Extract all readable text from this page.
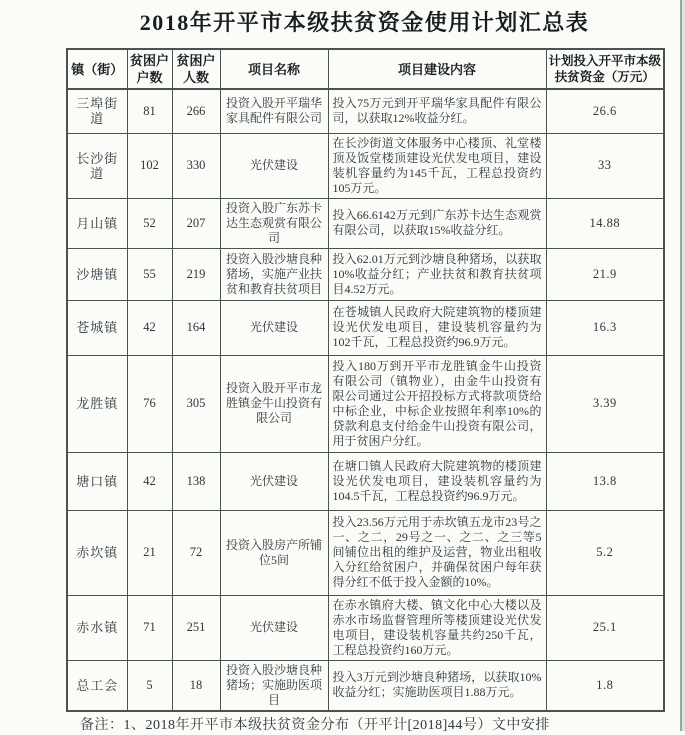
2018年开平市本级扶贫资金使用计划汇总表
镇（街）	贫困户户数	贫困户人数	项目名称	项目建设内容	计划投入开平市本级扶贫资金（万元）
三埠街道	81	266	投资入股开平瑞华家具配件有限公司	投入75万元到开平瑞华家具配件有限公司，以获取12%收益分红。	26.6
长沙街道	102	330	光伏建设	在长沙街道文体服务中心楼顶、礼堂楼顶及饭堂楼顶建设光伏发电项目，建设装机容量约为145千瓦，工程总投资约105万元。	33
月山镇	52	207	投资入股广东苏卡达生态观赏有限公司	投入66.6142万元到广东苏卡达生态观赏有限公司，以获取15%收益分红。	14.88
沙塘镇	55	219	投资入股沙塘良种猪场，实施产业扶贫和教育扶贫项目	投入62.01万元到沙塘良种猪场，以获取10%收益分红；产业扶贫和教育扶贫项目4.52万元。	21.9
苍城镇	42	164	光伏建设	在苍城镇人民政府大院建筑物的楼顶建设光伏发电项目，建设装机容量约为102千瓦，工程总投资约96.9万元。	16.3
龙胜镇	76	305	投资入股开平市龙胜镇金牛山投资有限公司	投入180万到开平市龙胜镇金牛山投资有限公司（镇物业），由金牛山投资有限公司通过公开招投标方式将款项贷给中标企业，中标企业按照年利率10%的贷款利息支付给金牛山投资有限公司，用于贫困户分红。	3.39
塘口镇	42	138	光伏建设	在塘口镇人民政府大院建筑物的楼顶建设光伏发电项目，建设装机容量约为104.5千瓦，工程总投资约96.9万元。	13.8
赤坎镇	21	72	投资入股房产所铺位5间	投入23.56万元用于赤坎镇五龙市23号之一、之二，29号之一、之二、之三等5间铺位出租的维护及运营，物业出租收入分红给贫困户，并确保贫困户每年获得分红不低于投入金额的10%。	5.2
赤水镇	71	251	光伏建设	在赤水镇府大楼、镇文化中心大楼以及赤水市场监督管理所等楼顶建设光伏发电项目，建设装机容量共约250千瓦，工程总投资约160万元。	25.1
总工会	5	18	投资入股沙塘良种猪场；实施助医项目	投入3万元到沙塘良种猪场，以获取10%收益分红；实施助医项目1.88万元。	1.8
备注：1、2018年开平市本级扶贫资金分布（开平计[2018]44号）文中安排
